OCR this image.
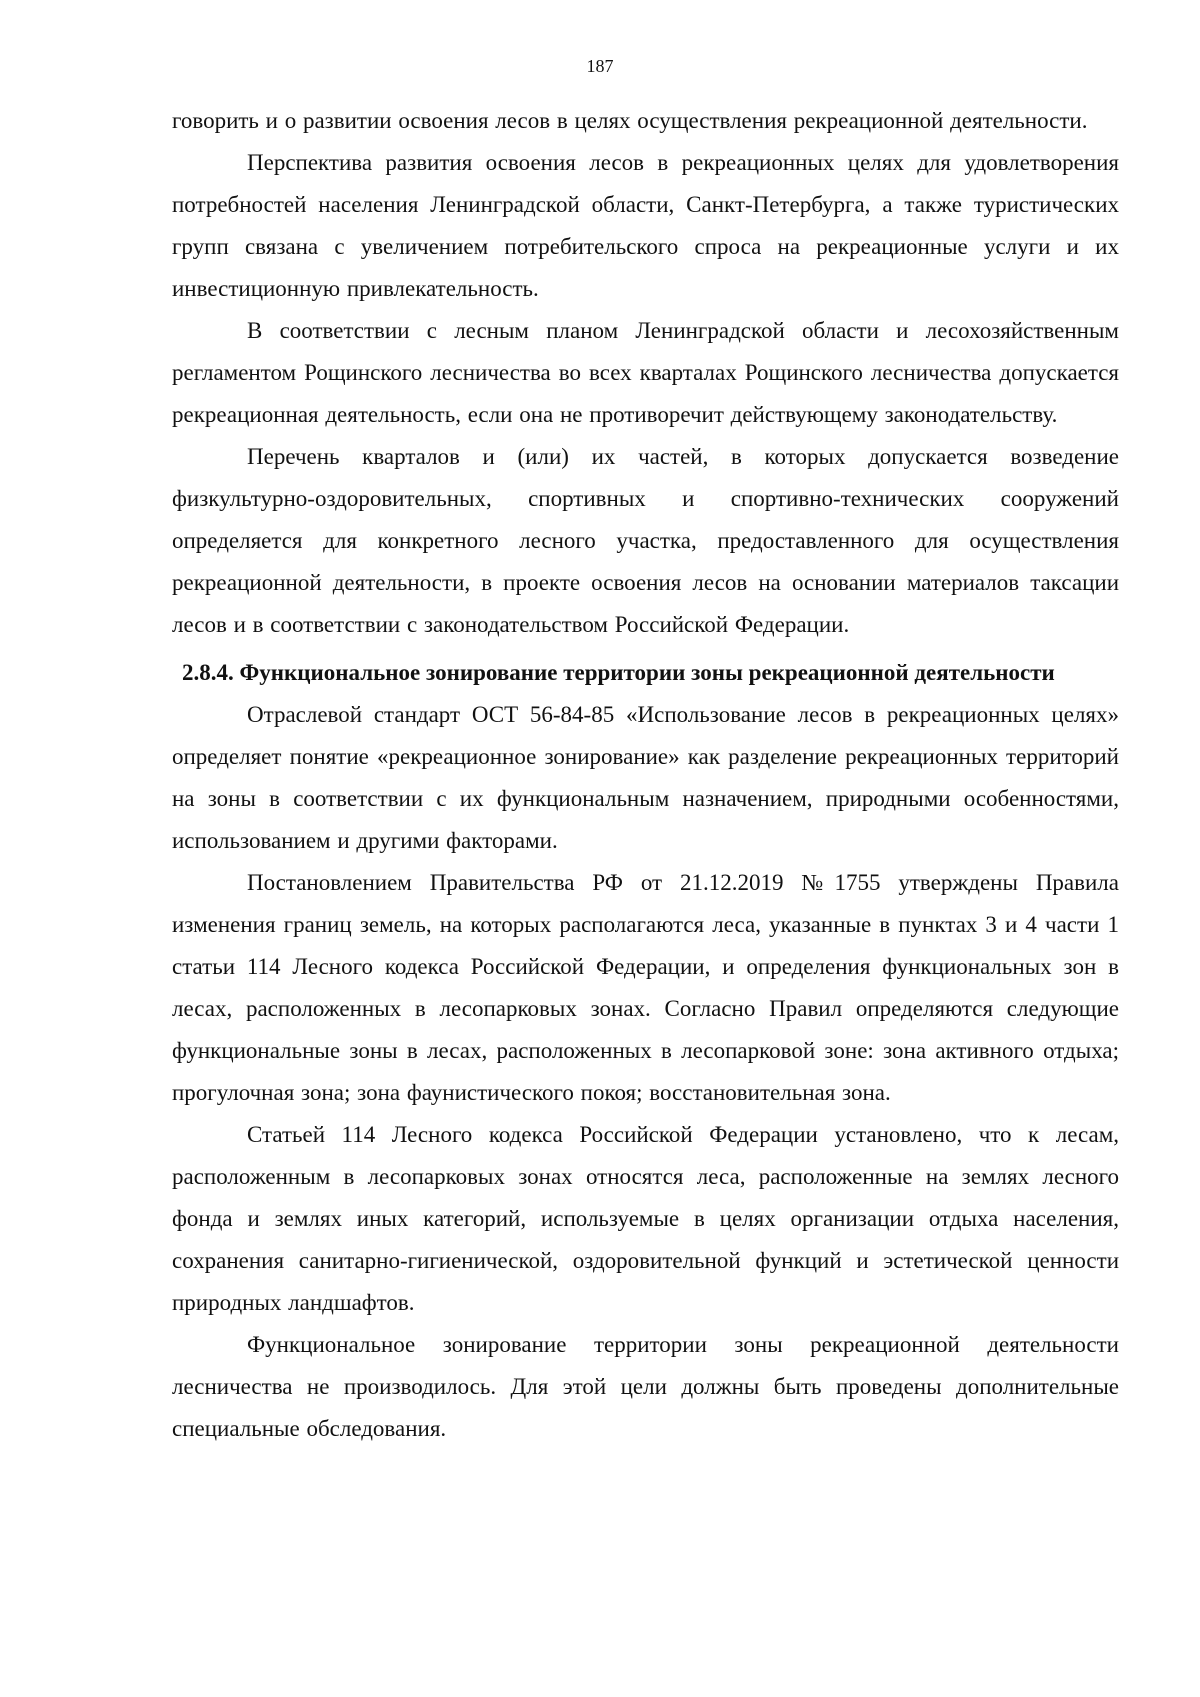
187

говорить и о развитии освоения лесов в целях осуществления рекреационной деятельности.

Перспектива развития освоения лесов в рекреационных целях для удовлетворения потребностей населения Ленинградской области, Санкт-Петербурга, а также туристических групп связана с увеличением потребительского спроса на рекреационные услуги и их инвестиционную привлекательность.

В соответствии с лесным планом Ленинградской области и лесохозяйственным регламентом Рощинского лесничества во всех кварталах Рощинского лесничества допускается рекреационная деятельность, если она не противоречит действующему законодательству.

Перечень кварталов и (или) их частей, в которых допускается возведение физкультурно-оздоровительных, спортивных и спортивно-технических сооружений определяется для конкретного лесного участка, предоставленного для осуществления рекреационной деятельности, в проекте освоения лесов на основании материалов таксации лесов и в соответствии с законодательством Российской Федерации.

2.8.4. Функциональное зонирование территории зоны рекреационной деятельности

Отраслевой стандарт ОСТ 56-84-85 «Использование лесов в рекреационных целях» определяет понятие «рекреационное зонирование» как разделение рекреационных территорий на зоны в соответствии с их функциональным назначением, природными особенностями, использованием и другими факторами.

Постановлением Правительства РФ от 21.12.2019 №1755 утверждены Правила изменения границ земель, на которых располагаются леса, указанные в пунктах 3 и 4 части 1 статьи 114 Лесного кодекса Российской Федерации, и определения функциональных зон в лесах, расположенных в лесопарковых зонах. Согласно Правил определяются следующие функциональные зоны в лесах, расположенных в лесопарковой зоне: зона активного отдыха; прогулочная зона; зона фаунистического покоя; восстановительная зона.

Статьей 114 Лесного кодекса Российской Федерации установлено, что к лесам, расположенным в лесопарковых зонах относятся леса, расположенные на землях лесного фонда и землях иных категорий, используемые в целях организации отдыха населения, сохранения санитарно-гигиенической, оздоровительной функций и эстетической ценности природных ландшафтов.

Функциональное зонирование территории зоны рекреационной деятельности лесничества не производилось. Для этой цели должны быть проведены дополнительные специальные обследования.
